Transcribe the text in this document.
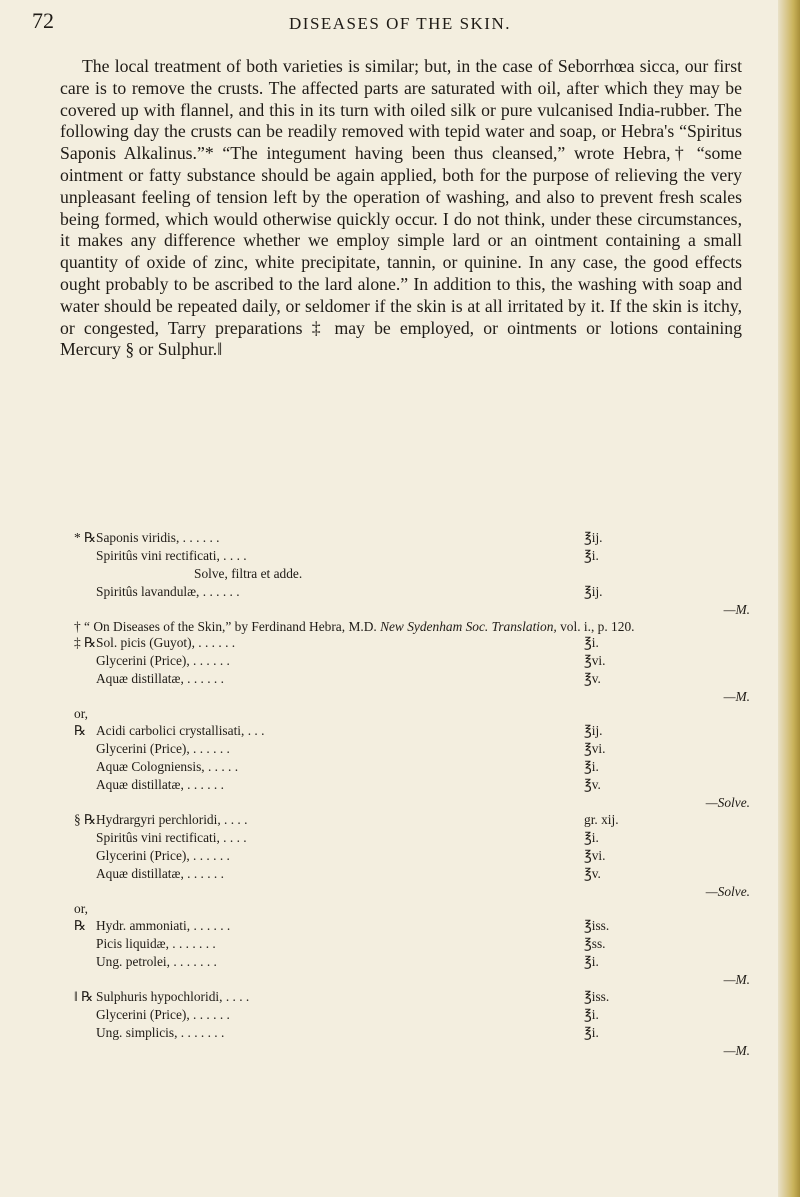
72	DISEASES OF THE SKIN.
The local treatment of both varieties is similar; but, in the case of Seborrhœa sicca, our first care is to remove the crusts. The affected parts are saturated with oil, after which they may be covered up with flannel, and this in its turn with oiled silk or pure vulcanised India-rubber. The following day the crusts can be readily removed with tepid water and soap, or Hebra's “Spiritus Saponis Alkalinus.”* “The integument having been thus cleansed,” wrote Hebra,† “some ointment or fatty substance should be again applied, both for the purpose of relieving the very unpleasant feeling of tension left by the operation of washing, and also to prevent fresh scales being formed, which would otherwise quickly occur. I do not think, under these circumstances, it makes any difference whether we employ simple lard or an ointment containing a small quantity of oxide of zinc, white precipitate, tannin, or quinine. In any case, the good effects ought probably to be ascribed to the lard alone.” In addition to this, the washing with soap and water should be repeated daily, or seldomer if the skin is at all irritated by it. If the skin is itchy, or congested, Tarry preparations ‡ may be employed, or ointments or lotions containing Mercury § or Sulphur.‖
* ℞ Saponis viridis, . . . . . .	℥ij.
Spiritûs vini rectificati, . . . .	℥i.
Solve, filtra et adde.
Spiritûs lavandulæ, . . . . . .	℥ij.
—M.
† “ On Diseases of the Skin,” by Ferdinand Hebra, M.D. New Sydenham Soc. Translation, vol. i., p. 120.
‡ ℞ Sol. picis (Guyot), . . . . . .	℥i.
Glycerini (Price), . . . . . .	℥vi.
Aquæ distillatæ, . . . . . .	℥v.
—M.
or,
℞ Acidi carbolici crystallisati, . . .	℥ij.
Glycerini (Price), . . . . . .	℥vi.
Aquæ Cologniensis, . . . . .	℥i.
Aquæ distillatæ, . . . . . .	℥v.
—Solve.
§ ℞ Hydrargyri perchloridi, . . . .	gr. xij.
Spiritûs vini rectificati, . . . .	℥i.
Glycerini (Price), . . . . . .	℥vi.
Aquæ distillatæ, . . . . . .	℥v.
—Solve.
or,
℞ Hydr. ammoniati, . . . . . .	℥iss.
Picis liquidæ, . . . . . . .	℥ss.
Ung. petrolei, . . . . . . .	℥i.
—M.
‖ ℞ Sulphuris hypochloridi, . . . .	℥iss.
Glycerini (Price), . . . . . .	℥i.
Ung. simplicis, . . . . . . .	℥i.
—M.
